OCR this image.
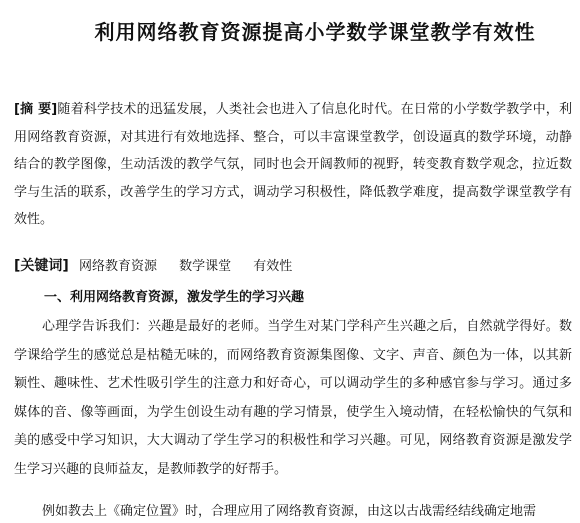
利用网络教育资源提高小学数学课堂教学有效性

[摘 要]随着科学技术的迅猛发展，人类社会也进入了信息化时代。在日常的小学数学教学中，利用网络教育资源，对其进行有效地选择、整合，可以丰富课堂教学，创设逼真的数学环境，动静结合的教学图像，生动活泼的教学气氛，同时也会开阔教师的视野，转变教育数学观念，拉近数学与生活的联系，改善学生的学习方式，调动学习积极性，降低教学难度，提高数学课堂教学有效性。

[关键词] 网络教育资源 数学课堂 有效性
一、利用网络教育资源，激发学生的学习兴趣

心理学告诉我们：兴趣是最好的老师。当学生对某门学科产生兴趣之后，自然就学得好。数学课给学生的感觉总是枯糙无味的，而网络教育资源集图像、文字、声音、颜色为一体，以其新颖性、趣味性、艺术性吸引学生的注意力和好奇心，可以调动学生的多种感官参与学习。通过多媒体的音、像等画面，为学生创设生动有趣的学习情景，使学生入境动情，在轻松愉快的气氛和美的感受中学习知识，大大调动了学生学习的积极性和学习兴趣。可见，网络教育资源是激发学生学习兴趣的良师益友，是教师教学的好帮手。

例如教去上《确定位置》时，合理应用了网络教育资源，由这以古战需经结线确定地需
